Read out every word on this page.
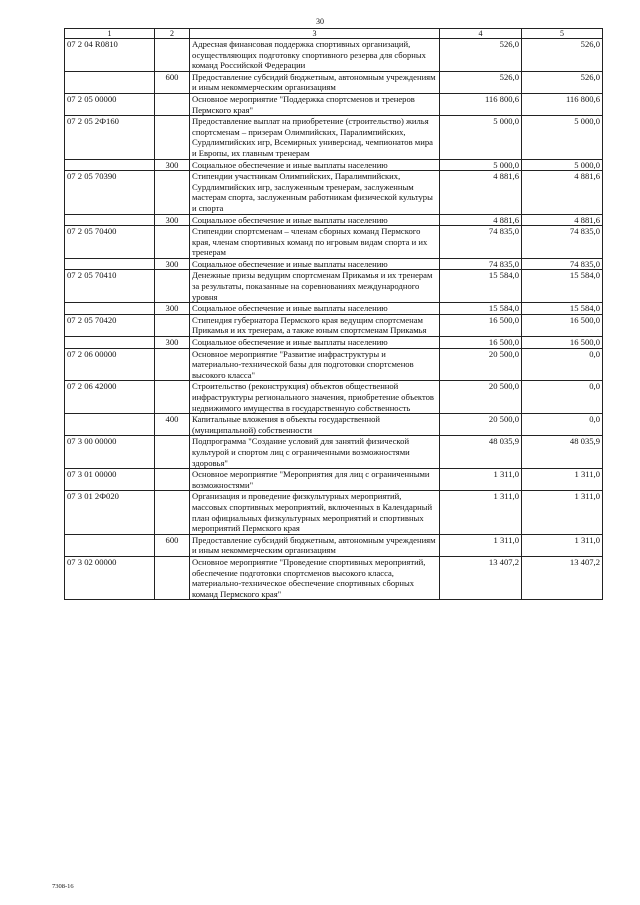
30
1	2	3	4	5
07 2 04 R0810		Адресная финансовая поддержка спортивных организаций, осуществляющих подготовку спортивного резерва для сборных команд Российской Федерации	526,0	526,0
	600	Предоставление субсидий бюджетным, автономным учреждениям и иным некоммерческим организациям	526,0	526,0
07 2 05 00000		Основное мероприятие "Поддержка спортсменов и тренеров Пермского края"	116 800,6	116 800,6
07 2 05 2Ф160		Предоставление выплат на приобретение (строительство) жилья спортсменам – призерам Олимпийских, Паралимпийских, Сурдлимпийских игр, Всемирных универсиад, чемпионатов мира и Европы, их главным тренерам	5 000,0	5 000,0
	300	Социальное обеспечение и иные выплаты населению	5 000,0	5 000,0
07 2 05 70390		Стипендии участникам Олимпийских, Паралимпийских, Сурдлимпийских игр, заслуженным тренерам, заслуженным мастерам спорта, заслуженным работникам физической культуры и спорта	4 881,6	4 881,6
	300	Социальное обеспечение и иные выплаты населению	4 881,6	4 881,6
07 2 05 70400		Стипендии спортсменам – членам сборных команд Пермского края, членам спортивных команд по игровым видам спорта и их тренерам	74 835,0	74 835,0
	300	Социальное обеспечение и иные выплаты населению	74 835,0	74 835,0
07 2 05 70410		Денежные призы ведущим спортсменам Прикамья и их тренерам за результаты, показанные на соревнованиях международного уровня	15 584,0	15 584,0
	300	Социальное обеспечение и иные выплаты населению	15 584,0	15 584,0
07 2 05 70420		Стипендия губернатора Пермского края ведущим спортсменам Прикамья и их тренерам, а также юным спортсменам Прикамья	16 500,0	16 500,0
	300	Социальное обеспечение и иные выплаты населению	16 500,0	16 500,0
07 2 06 00000		Основное мероприятие "Развитие инфраструктуры и материально-технической базы для подготовки спортсменов высокого класса"	20 500,0	0,0
07 2 06 42000		Строительство (реконструкция) объектов общественной инфраструктуры регионального значения, приобретение объектов недвижимого имущества в государственную собственность	20 500,0	0,0
	400	Капитальные вложения в объекты государственной (муниципальной) собственности	20 500,0	0,0
07 3 00 00000		Подпрограмма "Создание условий для занятий физической культурой и спортом лиц с ограниченными возможностями здоровья"	48 035,9	48 035,9
07 3 01 00000		Основное мероприятие "Мероприятия для лиц с ограниченными возможностями"	1 311,0	1 311,0
07 3 01 2Ф020		Организация и проведение физкультурных мероприятий, массовых спортивных мероприятий, включенных в Календарный план официальных физкультурных мероприятий и спортивных мероприятий Пермского края	1 311,0	1 311,0
	600	Предоставление субсидий бюджетным, автономным учреждениям и иным некоммерческим организациям	1 311,0	1 311,0
07 3 02 00000		Основное мероприятие "Проведение спортивных мероприятий, обеспечение подготовки спортсменов высокого класса, материально-техническое обеспечение спортивных сборных команд Пермского края"	13 407,2	13 407,2
7308-16
